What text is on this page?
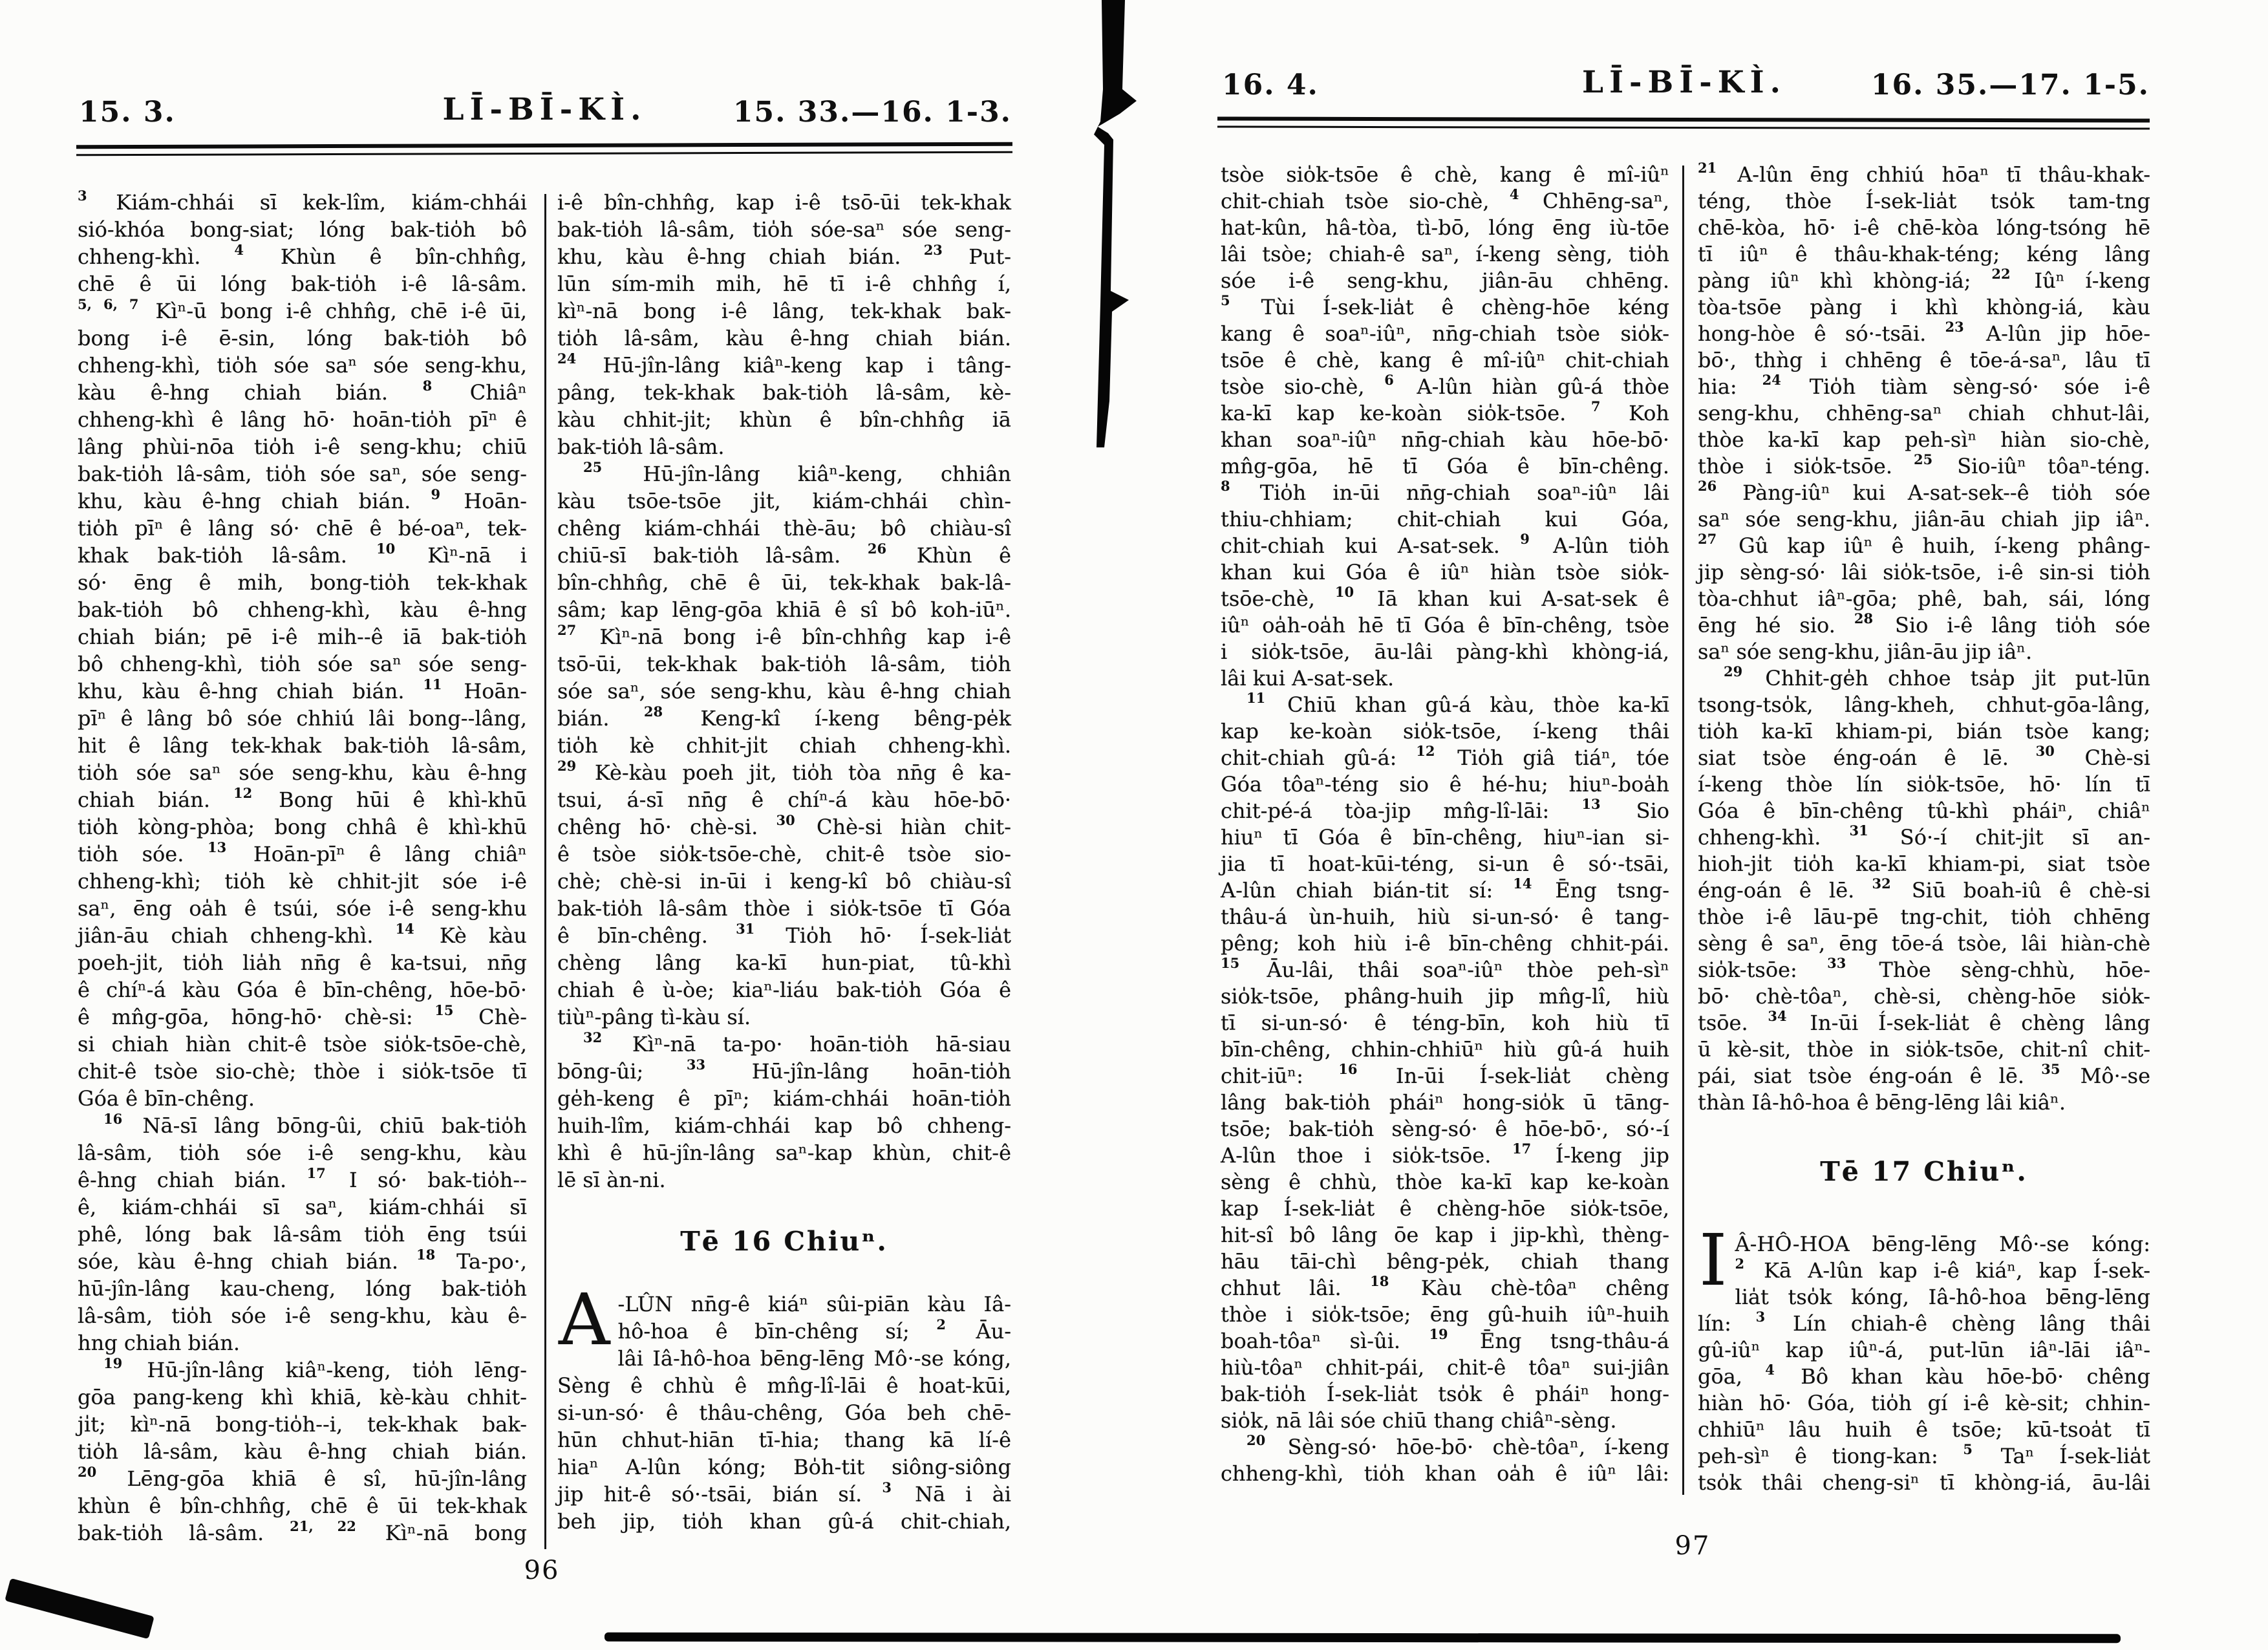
15. 3.	LĪ-BĪ-KÌ.	15. 33.—16. 1-3.
$^3$ Kiám-chhái sī kek-lîm, kiám-chhái
sió-khóa bong-siat; lóng bak-tio̍h bô
chheng-khì. $^4$ Khùn ê bîn-chhn̂g,
chē ê ūi lóng bak-tio̍h i-ê lâ-sâm.
$^{5, 6, 7}$ Kìⁿ-ū bong i-ê chhn̂g, chē i-ê ūi,
bong i-ê ē-sin, lóng bak-tio̍h bô
chheng-khì, tio̍h sóe saⁿ sóe seng-khu,
kàu ê-hng chiah bián. $^8$ Chiâⁿ
chheng-khì ê lâng hō· hoān-tio̍h pīⁿ ê
lâng phùi-nōa tio̍h i-ê seng-khu; chiū
bak-tio̍h lâ-sâm, tio̍h sóe saⁿ, sóe seng-
khu, kàu ê-hng chiah bián. $^9$ Hoān-
tio̍h pīⁿ ê lâng só· chē ê bé-oaⁿ, tek-
khak bak-tio̍h lâ-sâm. $^{10}$ Kìⁿ-nā i
só· ēng ê mi̍h, bong-tio̍h tek-khak
bak-tio̍h bô chheng-khì, kàu ê-hng
chiah bián; pē i-ê mi̍h--ê iā bak-tio̍h
bô chheng-khì, tio̍h sóe saⁿ sóe seng-
khu, kàu ê-hng chiah bián. $^{11}$ Hoān-
pīⁿ ê lâng bô sóe chhiú lâi bong--lâng,
hit ê lâng tek-khak bak-tio̍h lâ-sâm,
tio̍h sóe saⁿ sóe seng-khu, kàu ê-hng
chiah bián. $^{12}$ Bong hūi ê khì-khū
tio̍h kòng-phòa; bong chhâ ê khì-khū
tio̍h sóe. $^{13}$ Hoān-pīⁿ ê lâng chiâⁿ
chheng-khì; tio̍h kè chhit-ji̍t sóe i-ê
saⁿ, ēng oa̍h ê tsúi, sóe i-ê seng-khu
jiân-āu chiah chheng-khì. $^{14}$ Kè kàu
poeh-ji̍t, tio̍h lia̍h nn̄g ê ka-tsui, nn̄g
ê chíⁿ-á kàu Góa ê bīn-chêng, hōe-bō·
ê mn̂g-gōa, hōng-hō· chè-si: $^{15}$ Chè-
si chiah hiàn chit-ê tsòe sio̍k-tsōe-chè,
chit-ê tsòe sio-chè; thòe i sio̍k-tsōe tī
Góa ê bīn-chêng.
$^{16}$ Nā-sī lâng bōng-ûi, chiū bak-tio̍h
lâ-sâm, tio̍h sóe i-ê seng-khu, kàu
ê-hng chiah bián. $^{17}$ I só· bak-tio̍h--
ê, kiám-chhái sī saⁿ, kiám-chhái sī
phê, lóng bak lâ-sâm tio̍h ēng tsúi
sóe, kàu ê-hng chiah bián. $^{18}$ Ta-po·,
hū-jîn-lâng kau-cheng, lóng bak-tio̍h
lâ-sâm, tio̍h sóe i-ê seng-khu, kàu ê-
hng chiah bián.
$^{19}$ Hū-jîn-lâng kiâⁿ-keng, tio̍h lēng-
gōa pang-keng khì khiā, kè-kàu chhit-
ji̍t; kìⁿ-nā bong-tio̍h--i, tek-khak bak-
tio̍h lâ-sâm, kàu ê-hng chiah bián.
$^{20}$ Lēng-gōa khiā ê sî, hū-jîn-lâng
khùn ê bîn-chhn̂g, chē ê ūi tek-khak
bak-tio̍h lâ-sâm. $^{21, 22}$ Kìⁿ-nā bong
i-ê bîn-chhn̂g, kap i-ê tsō-ūi tek-khak
bak-tio̍h lâ-sâm, tio̍h sóe-saⁿ sóe seng-
khu, kàu ê-hng chiah bián. $^{23}$ Put-
lūn sím-mi̍h mi̍h, hē tī i-ê chhn̂g í,
kìⁿ-nā bong i-ê lâng, tek-khak bak-
tio̍h lâ-sâm, kàu ê-hng chiah bián.
$^{24}$ Hū-jîn-lâng kiâⁿ-keng kap i tâng-
pâng, tek-khak bak-tio̍h lâ-sâm, kè-
kàu chhit-ji̍t; khùn ê bîn-chhn̂g iā
bak-tio̍h lâ-sâm.
$^{25}$ Hū-jîn-lâng kiâⁿ-keng, chhiân
kàu tsōe-tsōe ji̍t, kiám-chhái chìn-
chêng kiám-chhái thè-āu; bô chiàu-sî
chiū-sī bak-tio̍h lâ-sâm. $^{26}$ Khùn ê
bîn-chhn̂g, chē ê ūi, tek-khak bak-lâ-
sâm; kap lēng-gōa khiā ê sî bô koh-iūⁿ.
$^{27}$ Kìⁿ-nā bong i-ê bîn-chhn̂g kap i-ê
tsō-ūi, tek-khak bak-tio̍h lâ-sâm, tio̍h
sóe saⁿ, sóe seng-khu, kàu ê-hng chiah
bián. $^{28}$ Keng-kî í-keng bêng-pe̍k
tio̍h kè chhit-ji̍t chiah chheng-khì.
$^{29}$ Kè-kàu poeh ji̍t, tio̍h tòa nn̄g ê ka-
tsui, á-sī nn̄g ê chíⁿ-á kàu hōe-bō·
chêng hō· chè-si. $^{30}$ Chè-si hiàn chit-
ê tsòe sio̍k-tsōe-chè, chit-ê tsòe sio-
chè; chè-si in-ūi i keng-kî bô chiàu-sî
bak-tio̍h lâ-sâm thòe i sio̍k-tsōe tī Góa
ê bīn-chêng. $^{31}$ Tio̍h hō· Í-sek-lia̍t
chèng lâng ka-kī hun-piat, tû-khì
chiah ê ù-òe; kiaⁿ-liáu bak-tio̍h Góa ê
tiùⁿ-pâng tì-kàu sí.
$^{32}$ Kìⁿ-nā ta-po· hoān-tio̍h hā-siau
bōng-ûi; $^{33}$ Hū-jîn-lâng hoān-tio̍h
ge̍h-keng ê pīⁿ; kiám-chhái hoān-tio̍h
huih-lîm, kiám-chhái kap bô chheng-
khì ê hū-jîn-lâng saⁿ-kap khùn, chit-ê
lē sī àn-ni.
Tē 16 Chiuⁿ.
A -LÛN nn̄g-ê kiáⁿ sûi-piān kàu Iâ-
hô-hoa ê bīn-chêng sí; $^2$ Āu-
lâi Iâ-hô-hoa bēng-lēng Mô·-se kóng,
Sèng ê chhù ê mn̂g-lî-lāi ê hoat-kūi,
si-un-só· ê thâu-chêng, Góa beh chē-
hūn chhut-hiān tī-hia; thang kā lí-ê
hiaⁿ A-lûn kóng; Bo̍h-tit siông-siông
jip hit-ê só·-tsāi, bián sí. $^3$ Nā i ài
beh jip, tio̍h khan gû-á chit-chiah,
96
16. 4.	LĪ-BĪ-KÌ.	16. 35.—17. 1-5.
tsòe sio̍k-tsōe ê chè, kang ê mî-iûⁿ
chit-chiah tsòe sio-chè, $^4$ Chhēng-saⁿ,
hat-kûn, hâ-tòa, tì-bō, lóng ēng iù-tōe
lâi tsòe; chiah-ê saⁿ, í-keng sèng, tio̍h
sóe i-ê seng-khu, jiân-āu chhēng.
$^5$ Tùi Í-sek-lia̍t ê chèng-hōe kéng
kang ê soaⁿ-iûⁿ, nn̄g-chiah tsòe sio̍k-
tsōe ê chè, kang ê mî-iûⁿ chit-chiah
tsòe sio-chè, $^6$ A-lûn hiàn gû-á thòe
ka-kī kap ke-koàn sio̍k-tsōe. $^7$ Koh
khan soaⁿ-iûⁿ nn̄g-chiah kàu hōe-bō·
mn̂g-gōa, hē tī Góa ê bīn-chêng.
$^8$ Tio̍h in-ūi nn̄g-chiah soaⁿ-iûⁿ lâi
thiu-chhiam; chit-chiah kui Góa,
chit-chiah kui A-sat-sek. $^9$ A-lûn tio̍h
khan kui Góa ê iûⁿ hiàn tsòe sio̍k-
tsōe-chè, $^{10}$ Iā khan kui A-sat-sek ê
iûⁿ oa̍h-oa̍h hē tī Góa ê bīn-chêng, tsòe
i sio̍k-tsōe, āu-lâi pàng-khì khòng-iá,
lâi kui A-sat-sek.
$^{11}$ Chiū khan gû-á kàu, thòe ka-kī
kap ke-koàn sio̍k-tsōe, í-keng thâi
chit-chiah gû-á: $^{12}$ Tio̍h giâ tiáⁿ, tóe
Góa tôaⁿ-téng sio ê hé-hu; hiuⁿ-boa̍h
chit-pé-á tòa-jip mn̂g-lî-lāi: $^{13}$ Sio
hiuⁿ tī Góa ê bīn-chêng, hiuⁿ-ian si-
jia tī hoat-kūi-téng, si-un ê só·-tsāi,
A-lûn chiah bián-tit sí: $^{14}$ Ēng tsng-
thâu-á ùn-huih, hiù si-un-só· ê tang-
pêng; koh hiù i-ê bīn-chêng chhit-pái.
$^{15}$ Āu-lâi, thâi soaⁿ-iûⁿ thòe peh-sìⁿ
sio̍k-tsōe, phâng-huih jip mn̂g-lî, hiù
tī si-un-só· ê téng-bīn, koh hiù tī
bīn-chêng, chhin-chhiūⁿ hiù gû-á huih
chit-iūⁿ: $^{16}$ In-ūi Í-sek-lia̍t chèng
lâng bak-tio̍h pháiⁿ hong-sio̍k ū tāng-
tsōe; bak-tio̍h sèng-só· ê hōe-bō·, só·-í
A-lûn thoe i sio̍k-tsōe. $^{17}$ Í-keng jip
sèng ê chhù, thòe ka-kī kap ke-koàn
kap Í-sek-lia̍t ê chèng-hōe sio̍k-tsōe,
hit-sî bô lâng ōe kap i jip-khì, thèng-
hāu tāi-chì bêng-pe̍k, chiah thang
chhut lâi. $^{18}$ Kàu chè-tôaⁿ chêng
thòe i sio̍k-tsōe; ēng gû-huih iûⁿ-huih
boah-tôaⁿ sì-ûi. $^{19}$ Ēng tsng-thâu-á
hiù-tôaⁿ chhit-pái, chit-ê tôaⁿ sui-jiân
bak-tio̍h Í-sek-lia̍t tso̍k ê pháiⁿ hong-
sio̍k, nā lâi sóe chiū thang chiâⁿ-sèng.
$^{20}$ Sèng-só· hōe-bō· chè-tôaⁿ, í-keng
chheng-khì, tio̍h khan oa̍h ê iûⁿ lâi:
$^{21}$ A-lûn ēng chhiú hōaⁿ tī thâu-khak-
téng, thòe Í-sek-lia̍t tso̍k tam-tng
chē-kòa, hō· i-ê chē-kòa lóng-tsóng hē
tī iûⁿ ê thâu-khak-téng; kéng lâng
pàng iûⁿ khì khòng-iá; $^{22}$ Iûⁿ í-keng
tòa-tsōe pàng i khì khòng-iá, kàu
hong-hòe ê só·-tsāi. $^{23}$ A-lûn jip hōe-
bō·, thǹg i chhēng ê tōe-á-saⁿ, lâu tī
hia: $^{24}$ Tio̍h tiàm sèng-só· sóe i-ê
seng-khu, chhēng-saⁿ chiah chhut-lâi,
thòe ka-kī kap peh-sìⁿ hiàn sio-chè,
thòe i sio̍k-tsōe. $^{25}$ Sio-iûⁿ tôaⁿ-téng.
$^{26}$ Pàng-iûⁿ kui A-sat-sek--ê tio̍h sóe
saⁿ sóe seng-khu, jiân-āu chiah jip iâⁿ.
$^{27}$ Gû kap iûⁿ ê huih, í-keng phâng-
jip sèng-só· lâi sio̍k-tsōe, i-ê sin-si tio̍h
tòa-chhut iâⁿ-gōa; phê, bah, sái, lóng
ēng hé sio. $^{28}$ Sio i-ê lâng tio̍h sóe
saⁿ sóe seng-khu, jiân-āu jip iâⁿ.
$^{29}$ Chhit-ge̍h chhoe tsa̍p ji̍t put-lūn
tsong-tso̍k, lâng-kheh, chhut-gōa-lâng,
tio̍h ka-kī khiam-pi, bián tsòe kang;
siat tsòe éng-oán ê lē. $^{30}$ Chè-si
í-keng thòe lín sio̍k-tsōe, hō· lín tī
Góa ê bīn-chêng tû-khì pháiⁿ, chiâⁿ
chheng-khì. $^{31}$ Só·-í chit-ji̍t sī an-
hioh-ji̍t tio̍h ka-kī khiam-pi, siat tsòe
éng-oán ê lē. $^{32}$ Siū boah-iû ê chè-si
thòe i-ê lāu-pē tng-chit, tio̍h chhēng
sèng ê saⁿ, ēng tōe-á tsòe, lâi hiàn-chè
sio̍k-tsōe: $^{33}$ Thòe sèng-chhù, hōe-
bō· chè-tôaⁿ, chè-si, chèng-hōe sio̍k-
tsōe. $^{34}$ In-ūi Í-sek-lia̍t ê chèng lâng
ū kè-sit, thòe in sio̍k-tsōe, chit-nî chit-
pái, siat tsòe éng-oán ê lē. $^{35}$ Mô·-se
thàn Iâ-hô-hoa ê bēng-lēng lâi kiâⁿ.
Tē 17 Chiuⁿ.
I Â-HÔ-HOA bēng-lēng Mô·-se kóng:
$^2$ Kā A-lûn kap i-ê kiáⁿ, kap Í-sek-
lia̍t tso̍k kóng, Iâ-hô-hoa bēng-lēng
lín: $^3$ Lín chiah-ê chèng lâng thâi
gû-iûⁿ kap iûⁿ-á, put-lūn iâⁿ-lāi iâⁿ-
gōa, $^4$ Bô khan kàu hōe-bō· chêng
hiàn hō· Góa, tio̍h gí i-ê kè-sit; chhin-
chhiūⁿ lâu huih ê tsōe; kū-tsoa̍t tī
peh-sìⁿ ê tiong-kan: $^5$ Taⁿ Í-sek-lia̍t
tso̍k thâi cheng-siⁿ tī khòng-iá, āu-lâi
97
